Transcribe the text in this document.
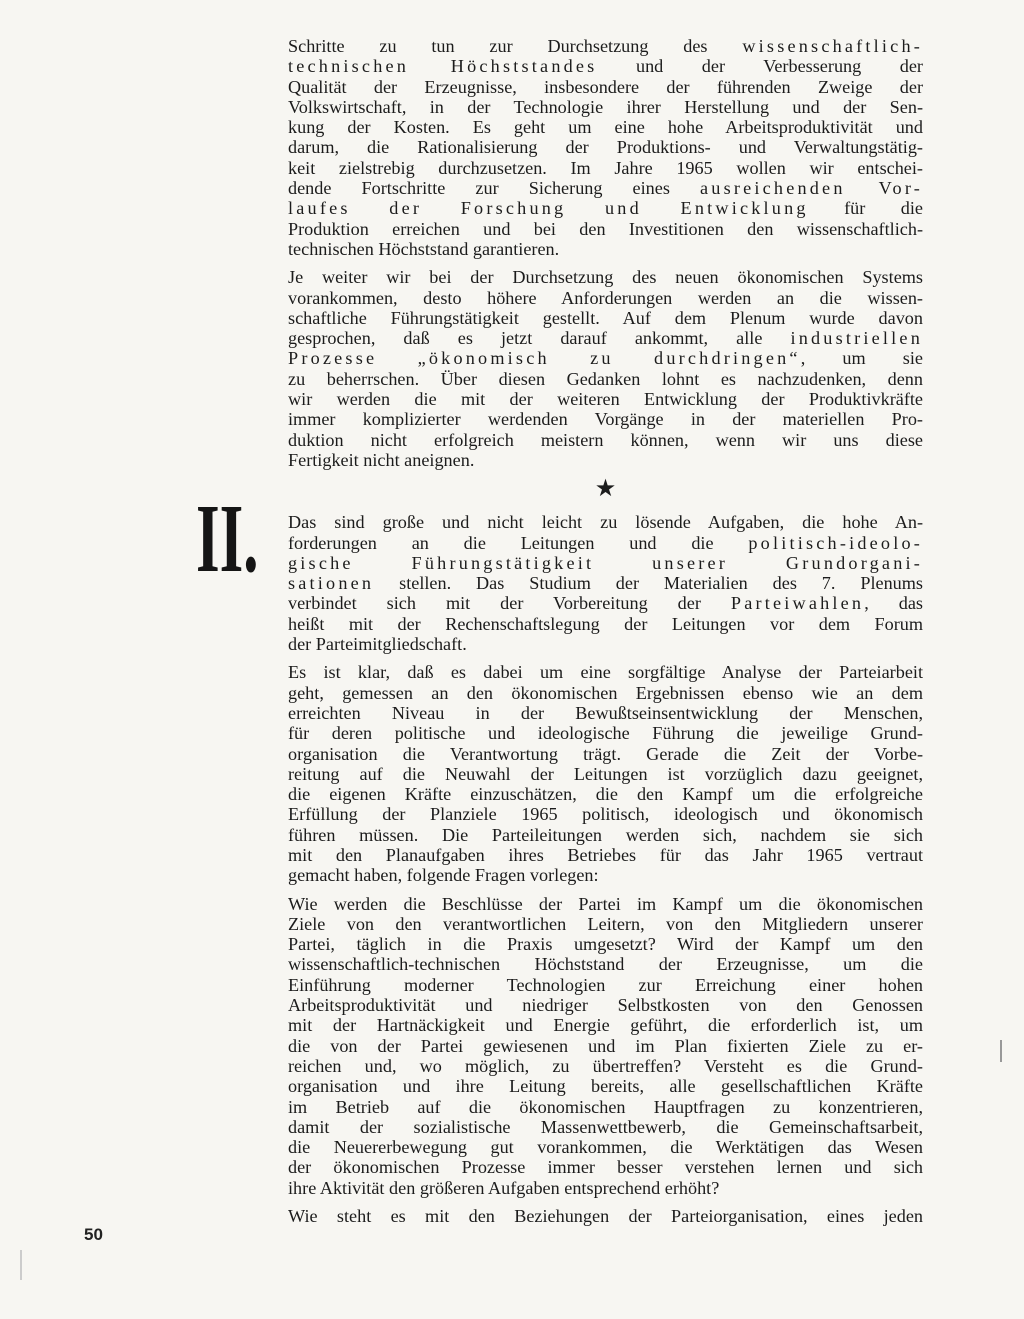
II.

Schritte zu tun zur Durchsetzung des wissenschaftlich-
technischen Höchststandes und der Verbesserung der
Qualität der Erzeugnisse, insbesondere der führenden Zweige der
Volkswirtschaft, in der Technologie ihrer Herstellung und der Sen-
kung der Kosten. Es geht um eine hohe Arbeitsproduktivität und
darum, die Rationalisierung der Produktions- und Verwaltungstätig-
keit zielstrebig durchzusetzen. Im Jahre 1965 wollen wir entschei-
dende Fortschritte zur Sicherung eines ausreichenden Vor-
laufes der Forschung und Entwicklung für die
Produktion erreichen und bei den Investitionen den wissenschaftlich-
technischen Höchststand garantieren.

Je weiter wir bei der Durchsetzung des neuen ökonomischen Systems
vorankommen, desto höhere Anforderungen werden an die wissen-
schaftliche Führungstätigkeit gestellt. Auf dem Plenum wurde davon
gesprochen, daß es jetzt darauf ankommt, alle industriellen
Prozesse „ökonomisch zu durchdringen“, um sie
zu beherrschen. Über diesen Gedanken lohnt es nachzudenken, denn
wir werden die mit der weiteren Entwicklung der Produktivkräfte
immer komplizierter werdenden Vorgänge in der materiellen Pro-
duktion nicht erfolgreich meistern können, wenn wir uns diese
Fertigkeit nicht aneignen.

★

Das sind große und nicht leicht zu lösende Aufgaben, die hohe An-
forderungen an die Leitungen und die politisch-ideolo-
gische Führungstätigkeit unserer Grundorgani-
sationen stellen. Das Studium der Materialien des 7. Plenums
verbindet sich mit der Vorbereitung der Parteiwahlen, das
heißt mit der Rechenschaftslegung der Leitungen vor dem Forum
der Parteimitgliedschaft.

Es ist klar, daß es dabei um eine sorgfältige Analyse der Parteiarbeit
geht, gemessen an den ökonomischen Ergebnissen ebenso wie an dem
erreichten Niveau in der Bewußtseinsentwicklung der Menschen,
für deren politische und ideologische Führung die jeweilige Grund-
organisation die Verantwortung trägt. Gerade die Zeit der Vorbe-
reitung auf die Neuwahl der Leitungen ist vorzüglich dazu geeignet,
die eigenen Kräfte einzuschätzen, die den Kampf um die erfolgreiche
Erfüllung der Planziele 1965 politisch, ideologisch und ökonomisch
führen müssen. Die Parteileitungen werden sich, nachdem sie sich
mit den Planaufgaben ihres Betriebes für das Jahr 1965 vertraut
gemacht haben, folgende Fragen vorlegen:

Wie werden die Beschlüsse der Partei im Kampf um die ökonomischen
Ziele von den verantwortlichen Leitern, von den Mitgliedern unserer
Partei, täglich in die Praxis umgesetzt? Wird der Kampf um den
wissenschaftlich-technischen Höchststand der Erzeugnisse, um die
Einführung moderner Technologien zur Erreichung einer hohen
Arbeitsproduktivität und niedriger Selbstkosten von den Genossen
mit der Hartnäckigkeit und Energie geführt, die erforderlich ist, um
die von der Partei gewiesenen und im Plan fixierten Ziele zu er-
reichen und, wo möglich, zu übertreffen? Versteht es die Grund-
organisation und ihre Leitung bereits, alle gesellschaftlichen Kräfte
im Betrieb auf die ökonomischen Hauptfragen zu konzentrieren,
damit der sozialistische Massenwettbewerb, die Gemeinschaftsarbeit,
die Neuererbewegung gut vorankommen, die Werktätigen das Wesen
der ökonomischen Prozesse immer besser verstehen lernen und sich
ihre Aktivität den größeren Aufgaben entsprechend erhöht?

Wie steht es mit den Beziehungen der Parteiorganisation, eines jeden

50
